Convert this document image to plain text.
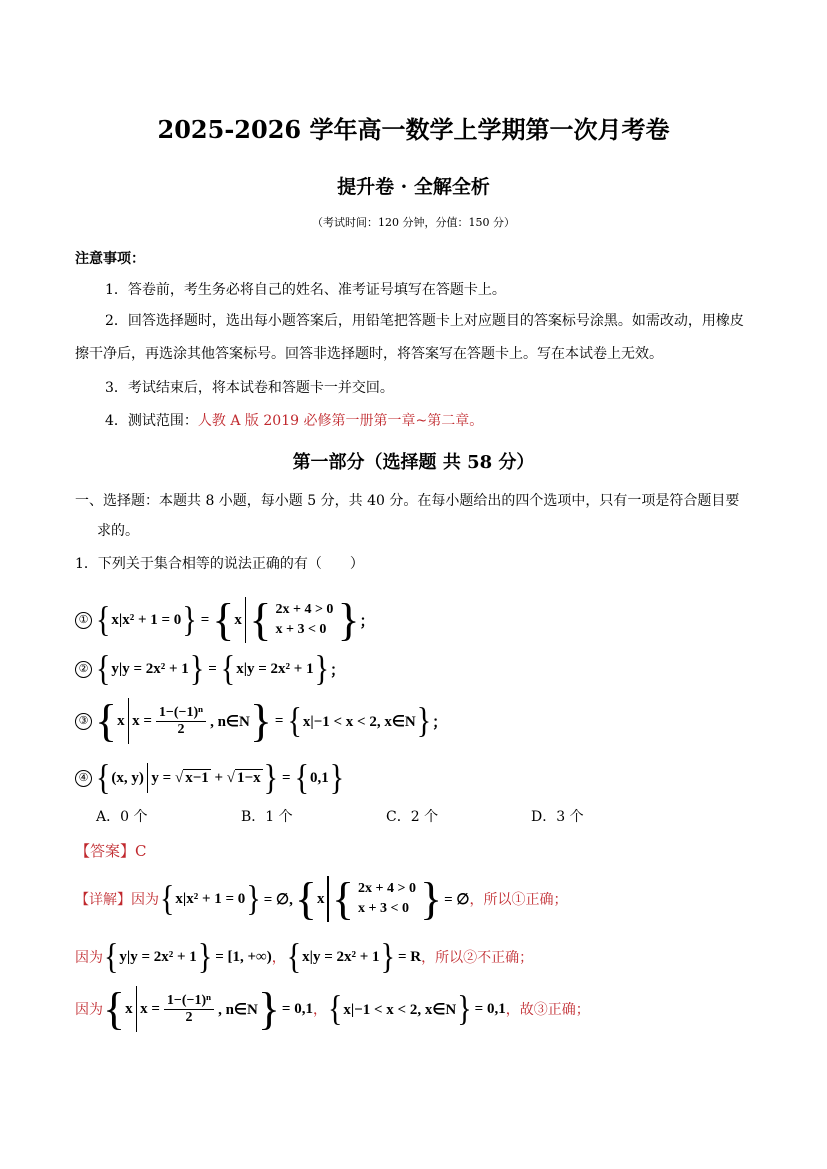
2025-2026 学年高一数学上学期第一次月考卷
提升卷 · 全解全析
（考试时间：120 分钟，分值：150 分）
注意事项：
1．答卷前，考生务必将自己的姓名、准考证号填写在答题卡上。
2．回答选择题时，选出每小题答案后，用铅笔把答题卡上对应题目的答案标号涂黑。如需改动，用橡皮擦干净后，再选涂其他答案标号。回答非选择题时，将答案写在答题卡上。写在本试卷上无效。
3．考试结束后，将本试卷和答题卡一并交回。
4．测试范围：人教 A 版 2019 必修第一册第一章~第二章。
第一部分（选择题 共 58 分）
一、选择题：本题共 8 小题，每小题 5 分，共 40 分。在每小题给出的四个选项中，只有一项是符合题目要
求的。
1．下列关于集合相等的说法正确的有（　　）
① { x|x² + 1 = 0 } = { x { 2x + 4 > 0
x + 3 < 0 } ；
② { y|y = 2x² + 1 } = { x|y = 2x² + 1 } ；
③ { x $x = \frac{\text{1−(−1)ⁿ}}{2}$ , n∈N } = { x|−1 < x < 2, x∈N } ；
④ { (x, y) y = √ x−1 + √ 1−x } = { 0,1 }
A．0 个	B．1 个	C．2 个	D．3 个
【答案】C
【详解】 因为 { x|x² + 1 = 0 } = ∅, { x { 2x + 4 > 0
x + 3 < 0 } = ∅ ，所以①正确；
因为 { y|y = 2x² + 1 } = [1, +∞) ， { x|y = 2x² + 1 } = R ，所以②不正确；
因为 { x $x = \frac{\text{1−(−1)ⁿ}}{2}$ , n∈N } = 0,1 ， { x|−1 < x < 2, x∈N } = 0,1 ，故③正确；
